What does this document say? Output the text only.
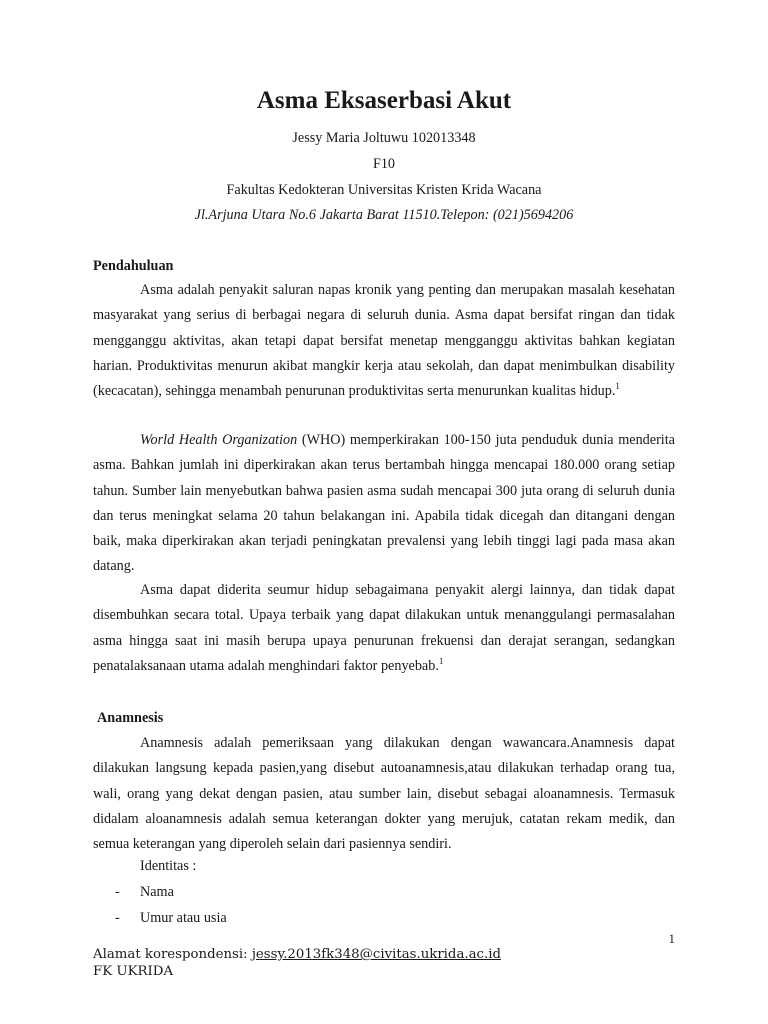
Asma Eksaserbasi Akut
Jessy Maria Joltuwu 102013348
F10
Fakultas Kedokteran Universitas Kristen Krida Wacana
Jl.Arjuna Utara No.6 Jakarta Barat 11510.Telepon: (021)5694206
Pendahuluan

Asma adalah penyakit saluran napas kronik yang penting dan merupakan masalah kesehatan masyarakat yang serius di berbagai negara di seluruh dunia. Asma dapat bersifat ringan dan tidak mengganggu aktivitas, akan tetapi dapat bersifat menetap mengganggu aktivitas bahkan kegiatan harian. Produktivitas menurun akibat mangkir kerja atau sekolah, dan dapat menimbulkan disability (kecacatan), sehingga menambah penurunan produktivitas serta menurunkan kualitas hidup.$^1$

World Health Organization (WHO) memperkirakan 100-150 juta penduduk dunia menderita asma. Bahkan jumlah ini diperkirakan akan terus bertambah hingga mencapai 180.000 orang setiap tahun. Sumber lain menyebutkan bahwa pasien asma sudah mencapai 300 juta orang di seluruh dunia dan terus meningkat selama 20 tahun belakangan ini. Apabila tidak dicegah dan ditangani dengan baik, maka diperkirakan akan terjadi peningkatan prevalensi yang lebih tinggi lagi pada masa akan datang.

Asma dapat diderita seumur hidup sebagaimana penyakit alergi lainnya, dan tidak dapat disembuhkan secara total. Upaya terbaik yang dapat dilakukan untuk menanggulangi permasalahan asma hingga saat ini masih berupa upaya penurunan frekuensi dan derajat serangan, sedangkan penatalaksanaan utama adalah menghindari faktor penyebab.$^1$

Anamnesis

Anamnesis adalah pemeriksaan yang dilakukan dengan wawancara.Anamnesis dapat dilakukan langsung kepada pasien,yang disebut autoanamnesis,atau dilakukan terhadap orang tua, wali, orang yang dekat dengan pasien, atau sumber lain, disebut sebagai aloanamnesis. Termasuk didalam aloanamnesis adalah semua keterangan dokter yang merujuk, catatan rekam medik, dan semua keterangan yang diperoleh selain dari pasiennya sendiri.

Identitas :
- Nama
- Umur atau usia
1
Alamat korespondensi: jessy.2013fk348@civitas.ukrida.ac.id
FK UKRIDA
